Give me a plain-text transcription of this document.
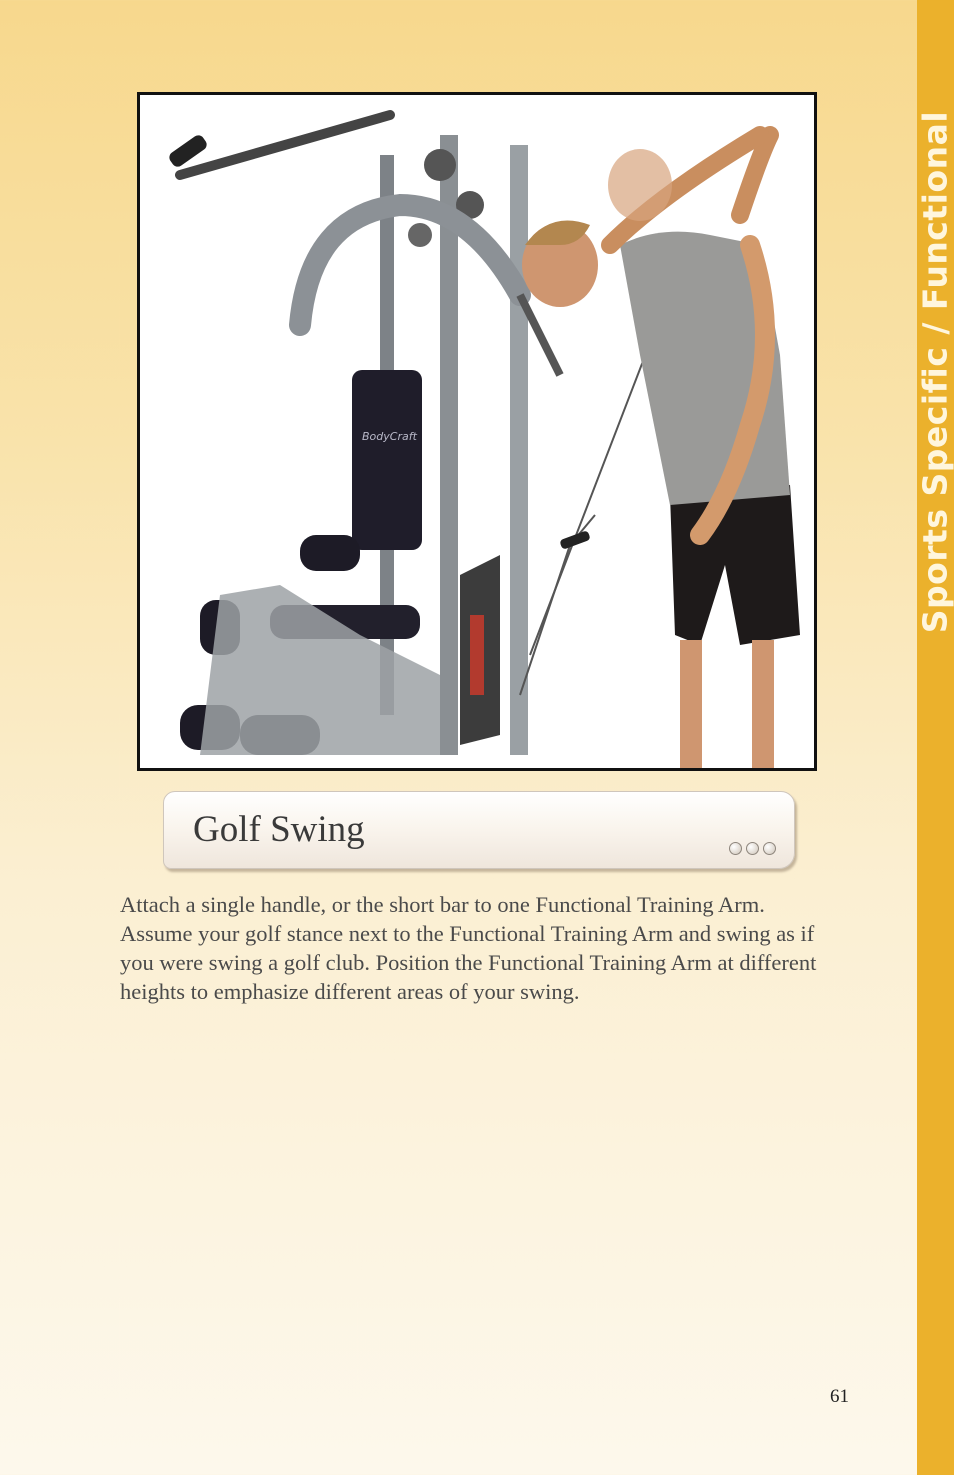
Sports Specific / Functional
BodyCraft
Golf Swing

Attach a single handle, or the short bar to one Functional Training Arm. Assume your golf stance next to the Functional Training Arm and swing as if you were swing a golf club. Position the Functional Training Arm at different heights to emphasize different areas of your swing.

61
